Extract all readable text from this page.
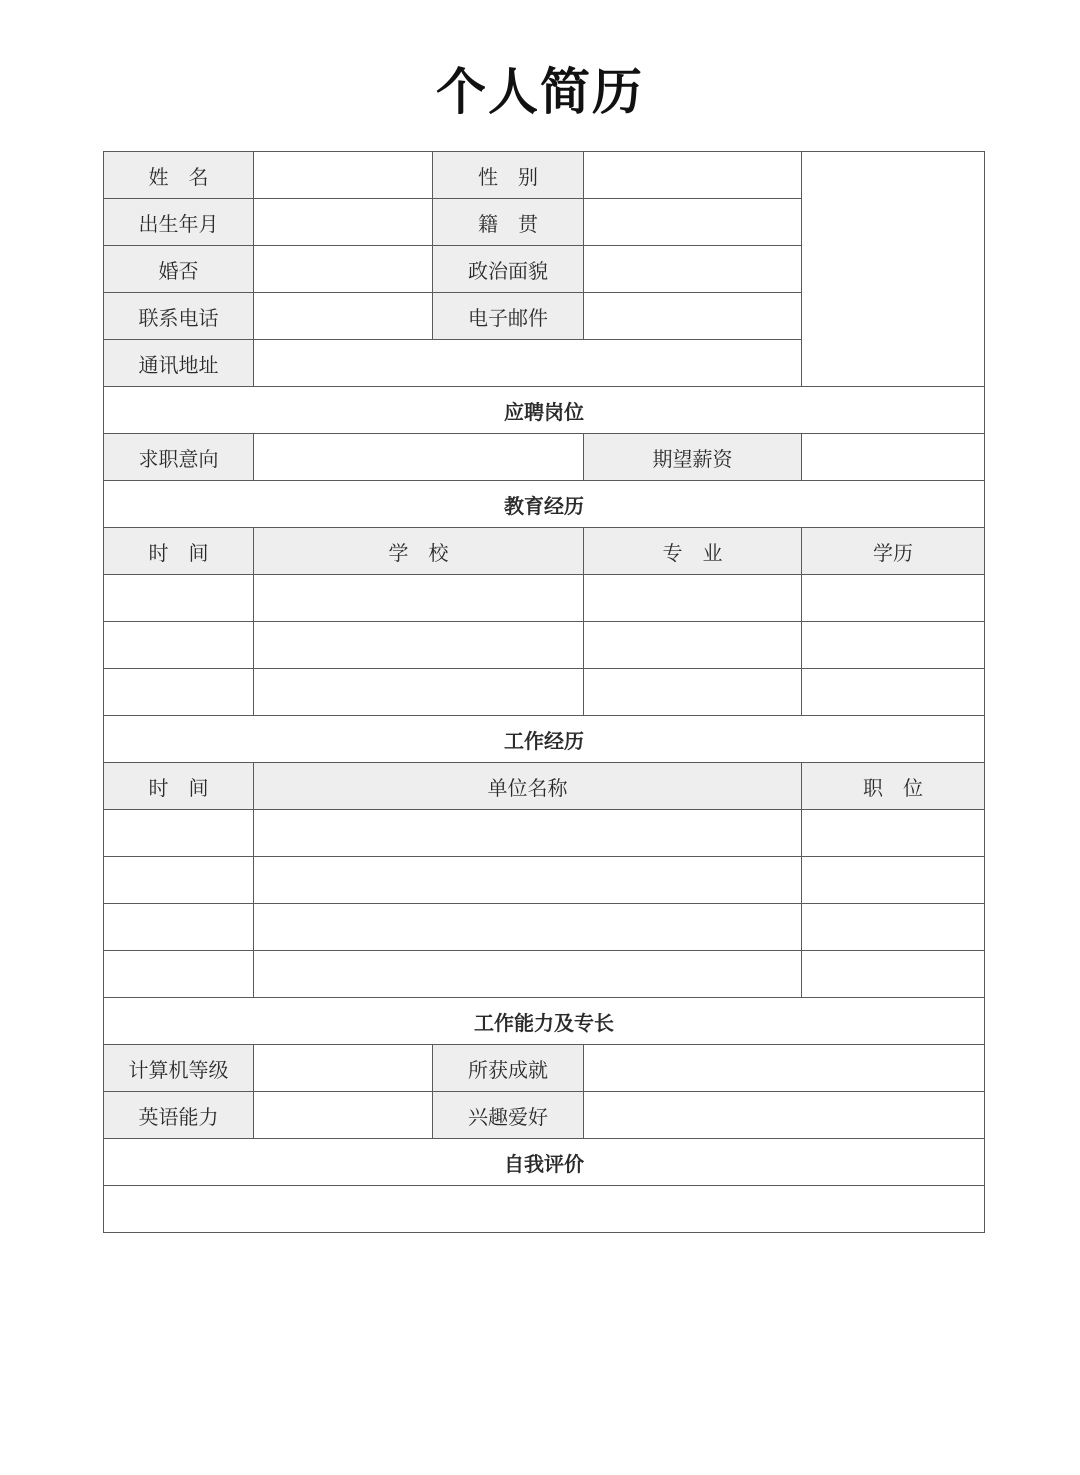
个人简历
姓　名		性　别		
出生年月		籍　贯		
婚否		政治面貌		
联系电话		电子邮件		
通讯地址				
应聘岗位				
求职意向			期望薪资	
教育经历				
时　间	学　校		专　业	学历

工作经历				
时　间	单位名称			职　位

工作能力及专长				
计算机等级		所获成就		
英语能力		兴趣爱好		
自我评价				
